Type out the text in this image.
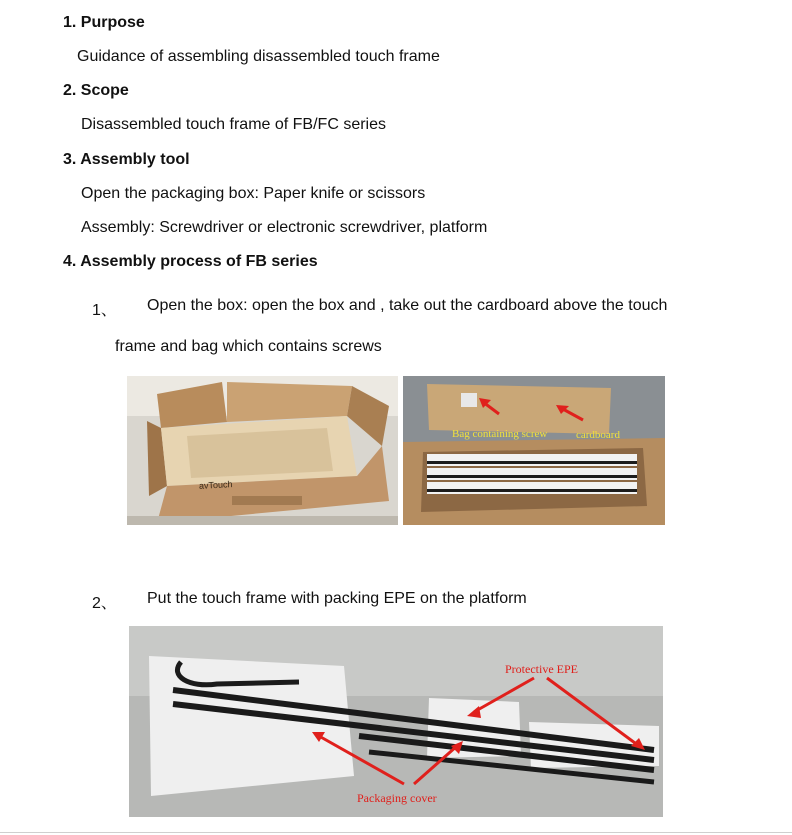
1. Purpose
Guidance of assembling disassembled touch frame
2. Scope
Disassembled touch frame of FB/FC series
3. Assembly tool
Open the packaging box: Paper knife or scissors
Assembly: Screwdriver or electronic screwdriver, platform
4. Assembly process of FB series
1、 Open the box: open the box and , take out the cardboard above the touch
frame and bag which contains screws
avTouch
Bag containing screw	cardboard
2、 Put the touch frame with packing EPE on the platform
Protective EPE
Packaging cover
